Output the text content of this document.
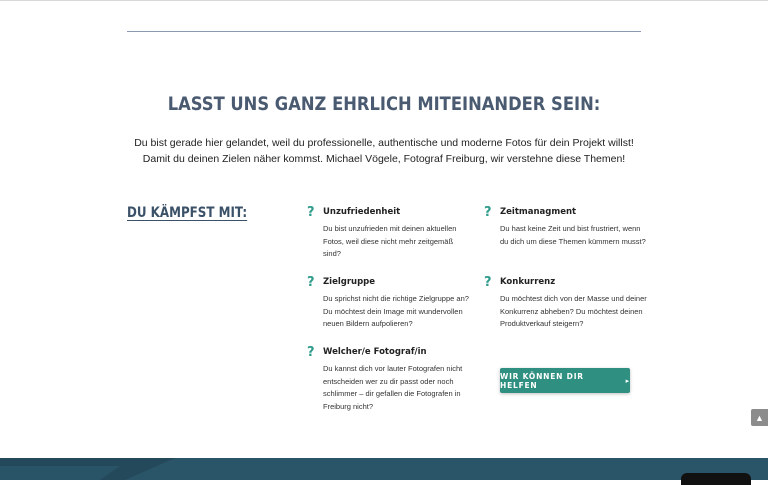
LASST UNS GANZ EHRLICH MITEINANDER SEIN:
Du bist gerade hier gelandet, weil du professionelle, authentische und moderne Fotos für dein Projekt willst!
Damit du deinen Zielen näher kommst. Michael Vögele, Fotograf Freiburg, wir verstehne diese Themen!
DU KÄMPFST MIT:	? Unzufriedenheit
Du bist unzufrieden mit deinen aktuellen Fotos, weil diese nicht mehr zeitgemäß sind?
? Zeitmanagment
Du hast keine Zeit und bist frustriert, wenn du dich um diese Themen kümmern musst?
? Zielgruppe
Du sprichst nicht die richtige Zielgruppe an? Du möchtest dein Image mit wundervollen neuen Bildern aufpolieren?
? Konkurrenz
Du möchtest dich von der Masse und deiner Konkurrenz abheben? Du möchtest deinen Produktverkauf steigern?
? Welcher/e Fotograf/in
Du kannst dich vor lauter Fotografen nicht entscheiden wer zu dir passt oder noch schlimmer – dir gefallen die Fotografen in Freiburg nicht?
WIR KÖNNEN DIR HELFEN	▸
▲
